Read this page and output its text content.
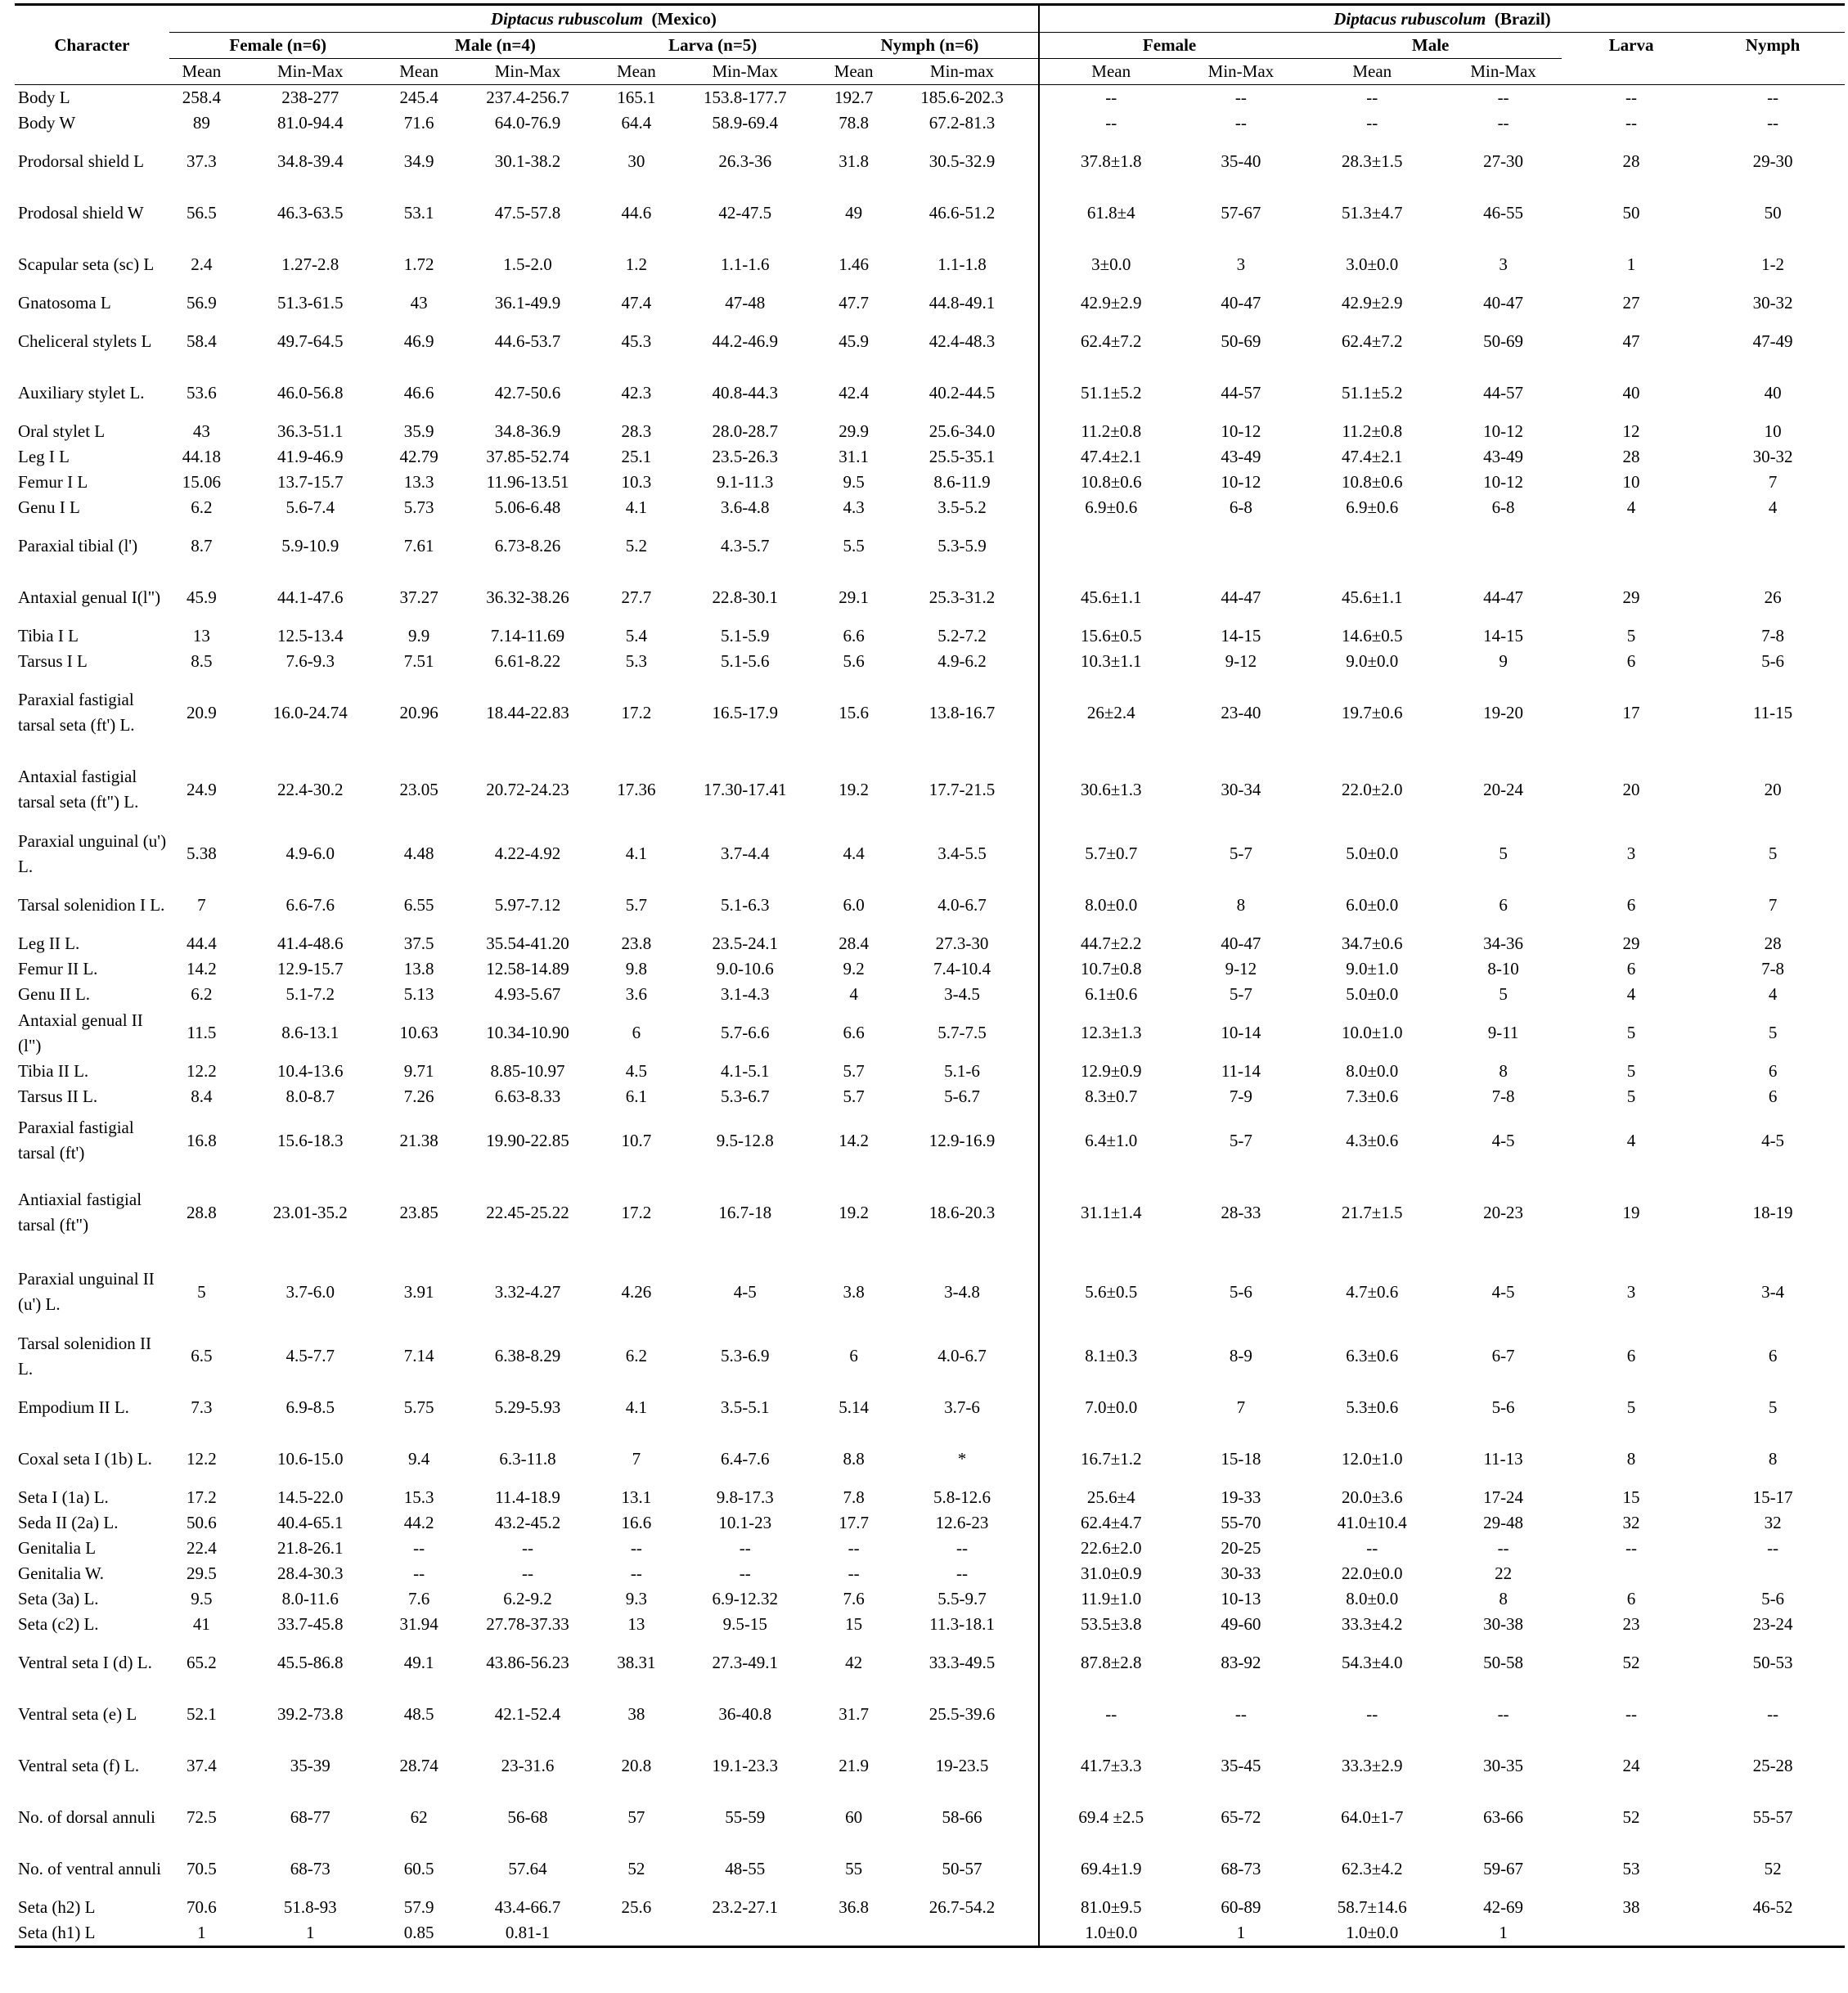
Character	Diptacus rubuscolum (Mexico)								Diptacus rubuscolum (Brazil)					
	Female (n=6)		Male (n=4)		Larva (n=5)		Nymph (n=6)		Female		Male		Larva	Nymph
	Mean	Min-Max	Mean	Min-Max	Mean	Min-Max	Mean	Min-max	Mean	Min-Max	Mean	Min-Max		
Body L	258.4	238-277	245.4	237.4-256.7	165.1	153.8-177.7	192.7	185.6-202.3	--	--	--	--	--	--
Body W	89	81.0-94.4	71.6	64.0-76.9	64.4	58.9-69.4	78.8	67.2-81.3	--	--	--	--	--	--
Prodorsal shield L	37.3	34.8-39.4	34.9	30.1-38.2	30	26.3-36	31.8	30.5-32.9	37.8±1.8	35-40	28.3±1.5	27-30	28	29-30
Prodosal shield W	56.5	46.3-63.5	53.1	47.5-57.8	44.6	42-47.5	49	46.6-51.2	61.8±4	57-67	51.3±4.7	46-55	50	50
Scapular seta (sc) L	2.4	1.27-2.8	1.72	1.5-2.0	1.2	1.1-1.6	1.46	1.1-1.8	3±0.0	3	3.0±0.0	3	1	1-2
Gnatosoma L	56.9	51.3-61.5	43	36.1-49.9	47.4	47-48	47.7	44.8-49.1	42.9±2.9	40-47	42.9±2.9	40-47	27	30-32
Cheliceral stylets L	58.4	49.7-64.5	46.9	44.6-53.7	45.3	44.2-46.9	45.9	42.4-48.3	62.4±7.2	50-69	62.4±7.2	50-69	47	47-49
Auxiliary stylet L.	53.6	46.0-56.8	46.6	42.7-50.6	42.3	40.8-44.3	42.4	40.2-44.5	51.1±5.2	44-57	51.1±5.2	44-57	40	40
Oral stylet L	43	36.3-51.1	35.9	34.8-36.9	28.3	28.0-28.7	29.9	25.6-34.0	11.2±0.8	10-12	11.2±0.8	10-12	12	10
Leg I L	44.18	41.9-46.9	42.79	37.85-52.74	25.1	23.5-26.3	31.1	25.5-35.1	47.4±2.1	43-49	47.4±2.1	43-49	28	30-32
Femur I L	15.06	13.7-15.7	13.3	11.96-13.51	10.3	9.1-11.3	9.5	8.6-11.9	10.8±0.6	10-12	10.8±0.6	10-12	10	7
Genu I L	6.2	5.6-7.4	5.73	5.06-6.48	4.1	3.6-4.8	4.3	3.5-5.2	6.9±0.6	6-8	6.9±0.6	6-8	4	4
Paraxial tibial (l')	8.7	5.9-10.9	7.61	6.73-8.26	5.2	4.3-5.7	5.5	5.3-5.9						
Antaxial genual I(l")	45.9	44.1-47.6	37.27	36.32-38.26	27.7	22.8-30.1	29.1	25.3-31.2	45.6±1.1	44-47	45.6±1.1	44-47	29	26
Tibia I L	13	12.5-13.4	9.9	7.14-11.69	5.4	5.1-5.9	6.6	5.2-7.2	15.6±0.5	14-15	14.6±0.5	14-15	5	7-8
Tarsus I L	8.5	7.6-9.3	7.51	6.61-8.22	5.3	5.1-5.6	5.6	4.9-6.2	10.3±1.1	9-12	9.0±0.0	9	6	5-6
Paraxial fastigial tarsal seta (ft') L.	20.9	16.0-24.74	20.96	18.44-22.83	17.2	16.5-17.9	15.6	13.8-16.7	26±2.4	23-40	19.7±0.6	19-20	17	11-15
Antaxial fastigial tarsal seta (ft") L.	24.9	22.4-30.2	23.05	20.72-24.23	17.36	17.30-17.41	19.2	17.7-21.5	30.6±1.3	30-34	22.0±2.0	20-24	20	20
Paraxial unguinal (u') L.	5.38	4.9-6.0	4.48	4.22-4.92	4.1	3.7-4.4	4.4	3.4-5.5	5.7±0.7	5-7	5.0±0.0	5	3	5
Tarsal solenidion I L.	7	6.6-7.6	6.55	5.97-7.12	5.7	5.1-6.3	6.0	4.0-6.7	8.0±0.0	8	6.0±0.0	6	6	7
Leg II L.	44.4	41.4-48.6	37.5	35.54-41.20	23.8	23.5-24.1	28.4	27.3-30	44.7±2.2	40-47	34.7±0.6	34-36	29	28
Femur II L.	14.2	12.9-15.7	13.8	12.58-14.89	9.8	9.0-10.6	9.2	7.4-10.4	10.7±0.8	9-12	9.0±1.0	8-10	6	7-8
Genu II L.	6.2	5.1-7.2	5.13	4.93-5.67	3.6	3.1-4.3	4	3-4.5	6.1±0.6	5-7	5.0±0.0	5	4	4
Antaxial genual II (l")	11.5	8.6-13.1	10.63	10.34-10.90	6	5.7-6.6	6.6	5.7-7.5	12.3±1.3	10-14	10.0±1.0	9-11	5	5
Tibia II L.	12.2	10.4-13.6	9.71	8.85-10.97	4.5	4.1-5.1	5.7	5.1-6	12.9±0.9	11-14	8.0±0.0	8	5	6
Tarsus II L.	8.4	8.0-8.7	7.26	6.63-8.33	6.1	5.3-6.7	5.7	5-6.7	8.3±0.7	7-9	7.3±0.6	7-8	5	6
Paraxial fastigial tarsal (ft')	16.8	15.6-18.3	21.38	19.90-22.85	10.7	9.5-12.8	14.2	12.9-16.9	6.4±1.0	5-7	4.3±0.6	4-5	4	4-5
Antiaxial fastigial tarsal (ft")	28.8	23.01-35.2	23.85	22.45-25.22	17.2	16.7-18	19.2	18.6-20.3	31.1±1.4	28-33	21.7±1.5	20-23	19	18-19
Paraxial unguinal II (u') L.	5	3.7-6.0	3.91	3.32-4.27	4.26	4-5	3.8	3-4.8	5.6±0.5	5-6	4.7±0.6	4-5	3	3-4
Tarsal solenidion II L.	6.5	4.5-7.7	7.14	6.38-8.29	6.2	5.3-6.9	6	4.0-6.7	8.1±0.3	8-9	6.3±0.6	6-7	6	6
Empodium II L.	7.3	6.9-8.5	5.75	5.29-5.93	4.1	3.5-5.1	5.14	3.7-6	7.0±0.0	7	5.3±0.6	5-6	5	5
Coxal seta I (1b) L.	12.2	10.6-15.0	9.4	6.3-11.8	7	6.4-7.6	8.8	*	16.7±1.2	15-18	12.0±1.0	11-13	8	8
Seta I (1a) L.	17.2	14.5-22.0	15.3	11.4-18.9	13.1	9.8-17.3	7.8	5.8-12.6	25.6±4	19-33	20.0±3.6	17-24	15	15-17
Seda II (2a) L.	50.6	40.4-65.1	44.2	43.2-45.2	16.6	10.1-23	17.7	12.6-23	62.4±4.7	55-70	41.0±10.4	29-48	32	32
Genitalia L	22.4	21.8-26.1	--	--	--	--	--	--	22.6±2.0	20-25	--	--	--	--
Genitalia W.	29.5	28.4-30.3	--	--	--	--	--	--	31.0±0.9	30-33	22.0±0.0	22		
Seta (3a) L.	9.5	8.0-11.6	7.6	6.2-9.2	9.3	6.9-12.32	7.6	5.5-9.7	11.9±1.0	10-13	8.0±0.0	8	6	5-6
Seta (c2) L.	41	33.7-45.8	31.94	27.78-37.33	13	9.5-15	15	11.3-18.1	53.5±3.8	49-60	33.3±4.2	30-38	23	23-24
Ventral seta I (d) L.	65.2	45.5-86.8	49.1	43.86-56.23	38.31	27.3-49.1	42	33.3-49.5	87.8±2.8	83-92	54.3±4.0	50-58	52	50-53
Ventral seta (e) L	52.1	39.2-73.8	48.5	42.1-52.4	38	36-40.8	31.7	25.5-39.6	--	--	--	--	--	--
Ventral seta (f) L.	37.4	35-39	28.74	23-31.6	20.8	19.1-23.3	21.9	19-23.5	41.7±3.3	35-45	33.3±2.9	30-35	24	25-28
No. of dorsal annuli	72.5	68-77	62	56-68	57	55-59	60	58-66	69.4 ±2.5	65-72	64.0±1-7	63-66	52	55-57
No. of ventral annuli	70.5	68-73	60.5	57.64	52	48-55	55	50-57	69.4±1.9	68-73	62.3±4.2	59-67	53	52
Seta (h2) L	70.6	51.8-93	57.9	43.4-66.7	25.6	23.2-27.1	36.8	26.7-54.2	81.0±9.5	60-89	58.7±14.6	42-69	38	46-52
Seta (h1) L	1	1	0.85	0.81-1					1.0±0.0	1	1.0±0.0	1		
